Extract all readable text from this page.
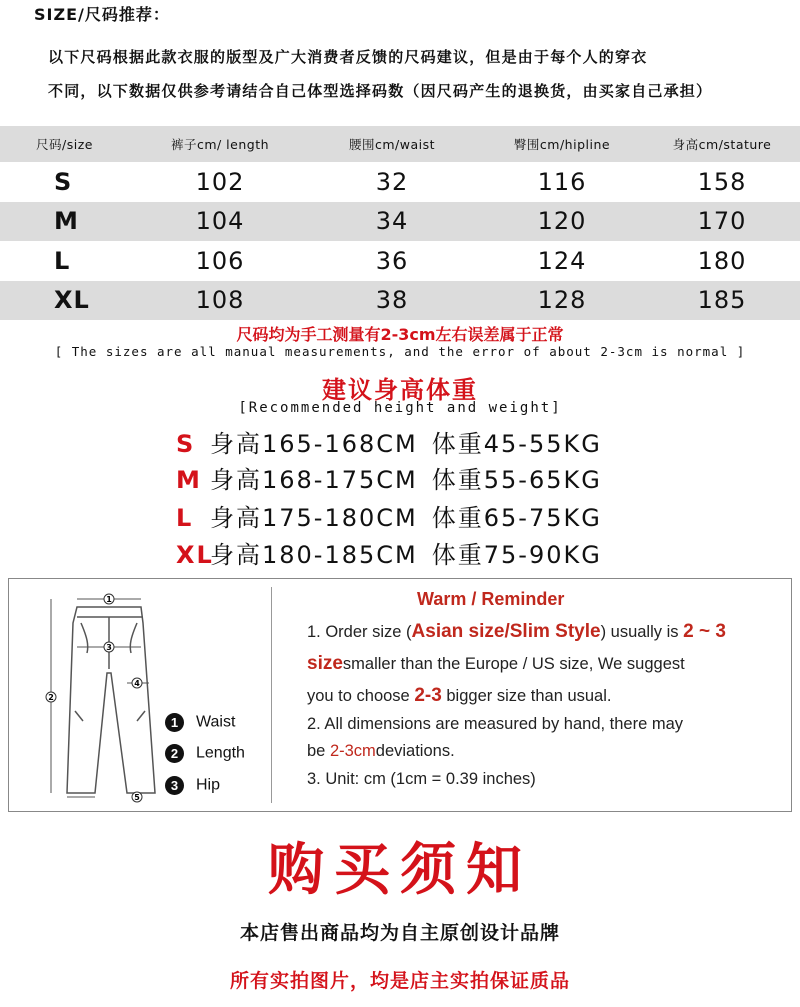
SIZE/尺码推荐：
以下尺码根据此款衣服的版型及广大消费者反馈的尺码建议，但是由于每个人的穿衣
不同，以下数据仅供参考请结合自己体型选择码数（因尺码产生的退换货，由买家自己承担）
尺码/size	裤子cm/ length	腰围cm/waist	臀围cm/hipline	身高cm/stature
S	102	32	116	158
M	104	34	120	170
L	106	36	124	180
XL	108	38	128	185
尺码均为手工测量有2-3cm左右误差属于正常
[ The sizes are all manual measurements, and the error of about 2-3cm is normal ]
建议身高体重
[Recommended height and weight]
S 身高165-168CM 体重45-55KG
M 身高168-175CM 体重55-65KG
L 身高175-180CM 体重65-75KG
XL身高180-185CM 体重75-90KG
1
2
3
4
5
1 Waist
2 Length
3 Hip
Warm / Reminder
1. Order size (Asian size/Slim Style) usually is 2 ~ 3
sizesmaller than the Europe / US size, We suggest
you to choose 2-3 bigger size than usual.
2. All dimensions are measured by hand, there may
be 2-3cmdeviations.
3. Unit: cm (1cm = 0.39 inches)
购买须知
本店售出商品均为自主原创设计品牌
所有实拍图片，均是店主实拍保证质品
